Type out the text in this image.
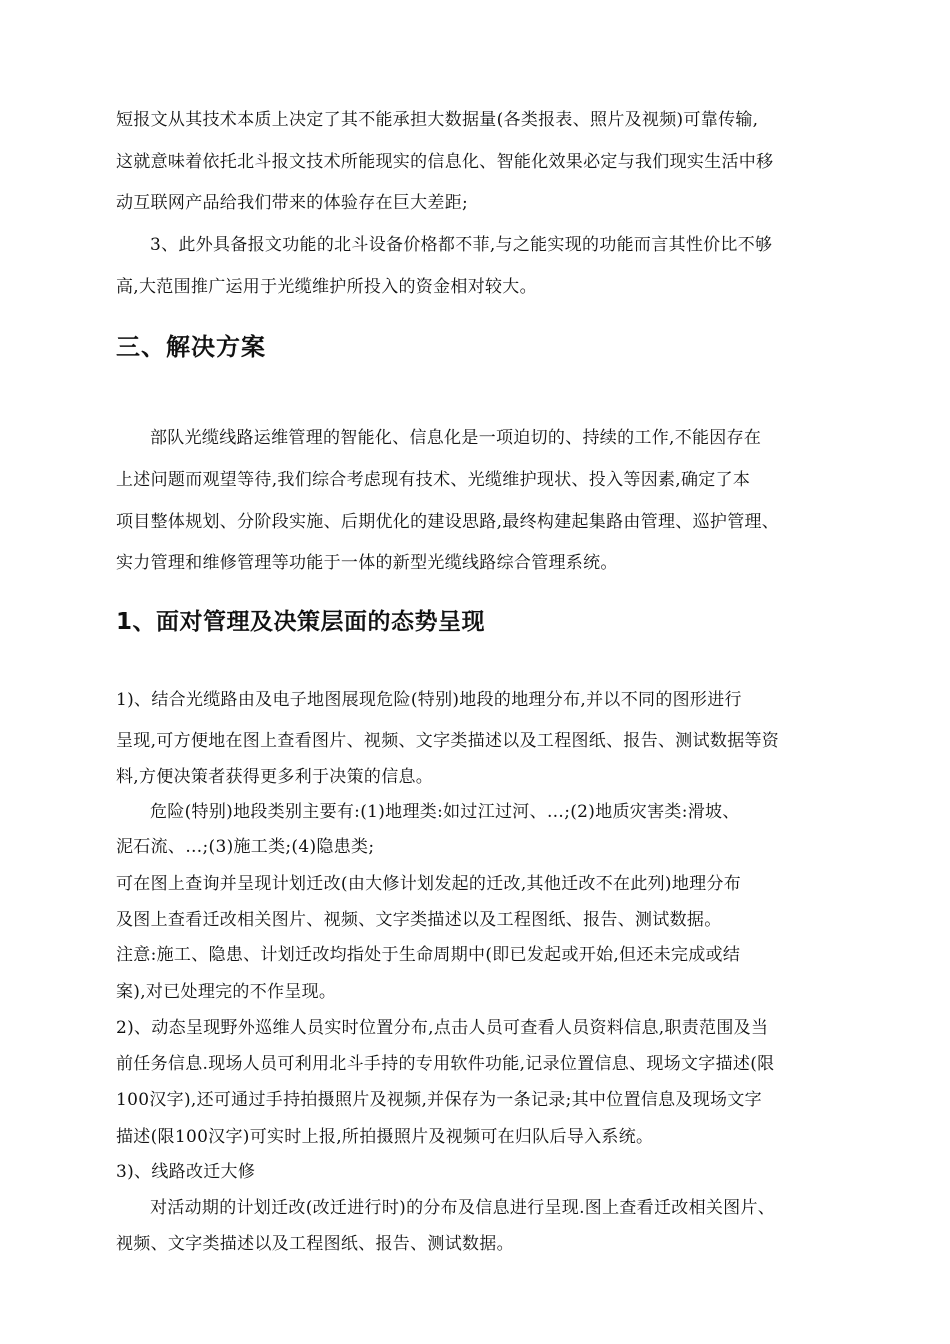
短报文从其技术本质上决定了其不能承担大数据量(各类报表、照片及视频)可靠传输,
这就意味着依托北斗报文技术所能现实的信息化、智能化效果必定与我们现实生活中移
动互联网产品给我们带来的体验存在巨大差距;
3、此外具备报文功能的北斗设备价格都不菲,与之能实现的功能而言其性价比不够
高,大范围推广运用于光缆维护所投入的资金相对较大。
三、解决方案
部队光缆线路运维管理的智能化、信息化是一项迫切的、持续的工作,不能因存在
上述问题而观望等待,我们综合考虑现有技术、光缆维护现状、投入等因素,确定了本
项目整体规划、分阶段实施、后期优化的建设思路,最终构建起集路由管理、巡护管理、
实力管理和维修管理等功能于一体的新型光缆线路综合管理系统。
1、面对管理及决策层面的态势呈现
1)、结合光缆路由及电子地图展现危险(特别)地段的地理分布,并以不同的图形进行
呈现,可方便地在图上查看图片、视频、文字类描述以及工程图纸、报告、测试数据等资
料,方便决策者获得更多利于决策的信息。
危险(特别)地段类别主要有:(1)地理类:如过江过河、…;(2)地质灾害类:滑坡、
泥石流、…;(3)施工类;(4)隐患类;
可在图上查询并呈现计划迁改(由大修计划发起的迁改,其他迁改不在此列)地理分布
及图上查看迁改相关图片、视频、文字类描述以及工程图纸、报告、测试数据。
注意:施工、隐患、计划迁改均指处于生命周期中(即已发起或开始,但还未完成或结
案),对已处理完的不作呈现。
2)、动态呈现野外巡维人员实时位置分布,点击人员可查看人员资料信息,职责范围及当
前任务信息.现场人员可利用北斗手持的专用软件功能,记录位置信息、现场文字描述(限
100汉字),还可通过手持拍摄照片及视频,并保存为一条记录;其中位置信息及现场文字
描述(限100汉字)可实时上报,所拍摄照片及视频可在归队后导入系统。
3)、线路改迁大修
对活动期的计划迁改(改迁进行时)的分布及信息进行呈现.图上查看迁改相关图片、
视频、文字类描述以及工程图纸、报告、测试数据。
